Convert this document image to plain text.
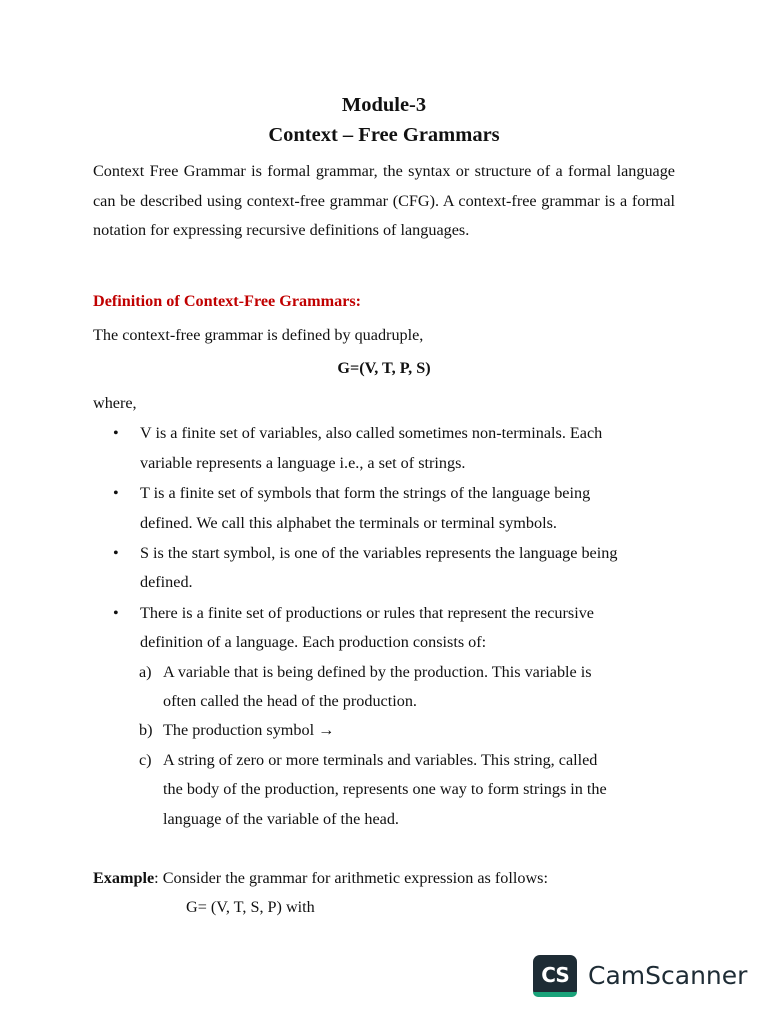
Module-3
Context – Free Grammars
Context Free Grammar is formal grammar, the syntax or structure of a formal language can be described using context-free grammar (CFG). A context-free grammar is a formal notation for expressing recursive definitions of languages.
Definition of Context-Free Grammars:
The context-free grammar is defined by quadruple,
G=(V, T, P, S)
where,
• V is a finite set of variables, also called sometimes non-terminals. Each
variable represents a language i.e., a set of strings.
• T is a finite set of symbols that form the strings of the language being
defined. We call this alphabet the terminals or terminal symbols.
• S is the start symbol, is one of the variables represents the language being
defined.
• There is a finite set of productions or rules that represent the recursive
definition of a language. Each production consists of:
a) A variable that is being defined by the production. This variable is
often called the head of the production.
b) The production symbol →
c) A string of zero or more terminals and variables. This string, called
the body of the production, represents one way to form strings in the
language of the variable of the head.
Example: Consider the grammar for arithmetic expression as follows:
G= (V, T, S, P) with
CS CamScanner
